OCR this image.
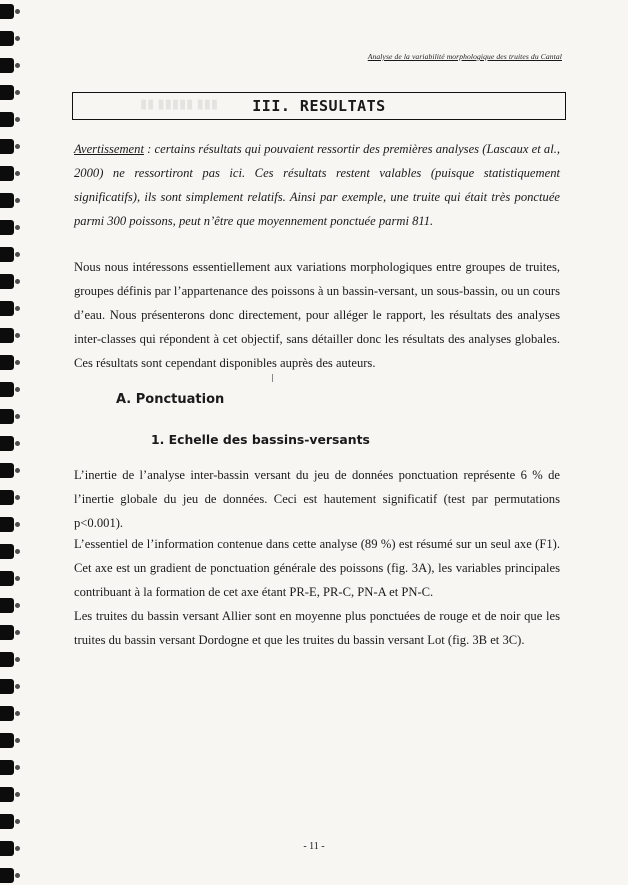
▮▮ ▮▮▮▮▮ ▮▮▮
Analyse de la variabilité morphologique des truites du Cantal
III. RESULTATS
Avertissement : certains résultats qui pouvaient ressortir des premières analyses (Lascaux et al., 2000) ne ressortiront pas ici. Ces résultats restent valables (puisque statistiquement significatifs), ils sont simplement relatifs. Ainsi par exemple, une truite qui était très ponctuée parmi 300 poissons, peut n’être que moyennement ponctuée parmi 811.
Nous nous intéressons essentiellement aux variations morphologiques entre groupes de truites, groupes définis par l’appartenance des poissons à un bassin-versant, un sous-bassin, ou un cours d’eau. Nous présenterons donc directement, pour alléger le rapport, les résultats des analyses inter-classes qui répondent à cet objectif, sans détailler donc les résultats des analyses globales. Ces résultats sont cependant disponibles auprès des auteurs.
A. Ponctuation
1. Echelle des bassins-versants
L’inertie de l’analyse inter-bassin versant du jeu de données ponctuation représente 6 % de l’inertie globale du jeu de données. Ceci est hautement significatif (test par permutations p<0.001).
L’essentiel de l’information contenue dans cette analyse (89 %) est résumé sur un seul axe (F1). Cet axe est un gradient de ponctuation générale des poissons (fig. 3A), les variables principales contribuant à la formation de cet axe étant PR-E, PR-C, PN-A et PN-C.
Les truites du bassin versant Allier sont en moyenne plus ponctuées de rouge et de noir que les truites du bassin versant Dordogne et que les truites du bassin versant Lot (fig. 3B et 3C).
- 11 -
